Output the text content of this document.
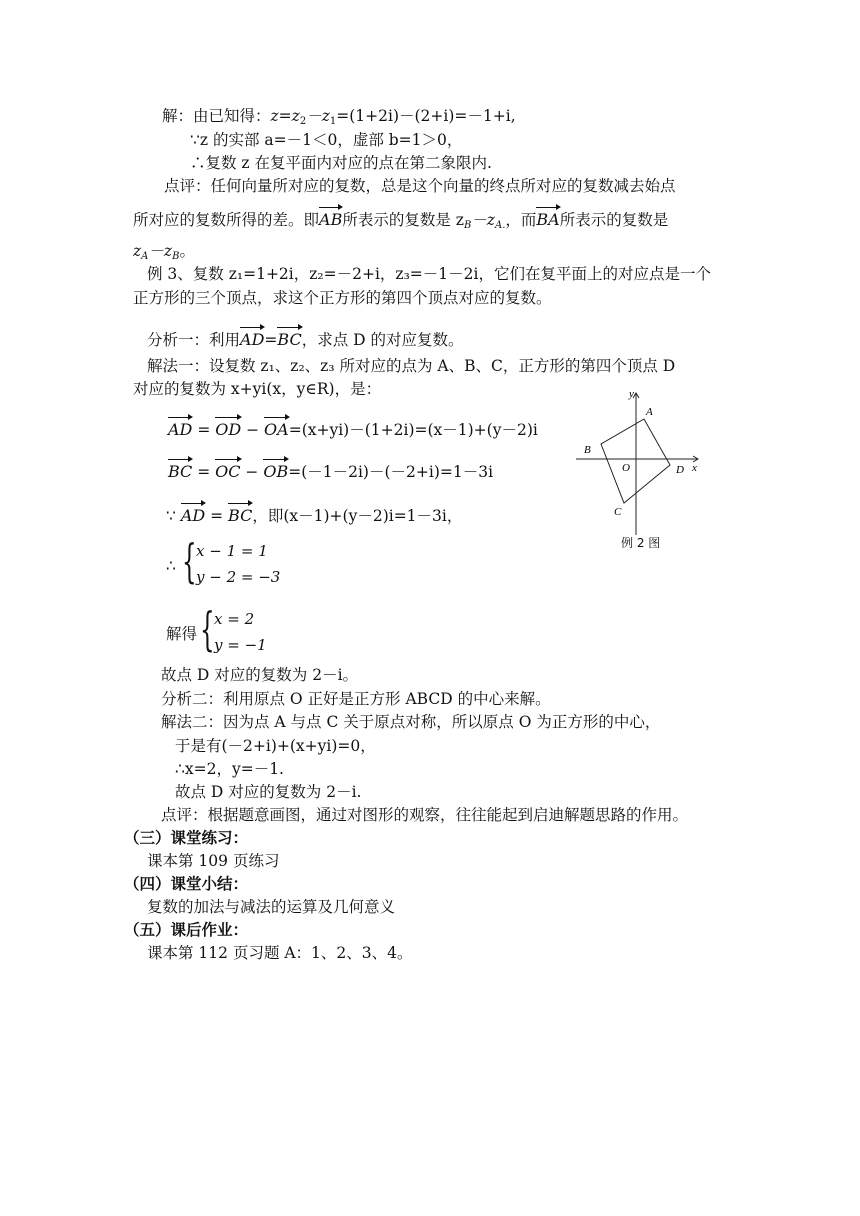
解：由已知得：$z=z_2-z_1=(1+2i)-(2+i)=-1+i$,
∵z 的实部 a=－1＜0，虚部 b=1＞0，
∴复数 z 在复平面内对应的点在第二象限内.
点评：任何向量所对应的复数，总是这个向量的终点所对应的复数减去始点
所对应的复数所得的差。即AB所表示的复数是 $z_B-z_{A.}$，而BA所表示的复数是
$z_A-z_B$。
例 3、复数 z₁=1+2i，z₂=－2+i，z₃=－1－2i，它们在复平面上的对应点是一个
正方形的三个顶点，求这个正方形的第四个顶点对应的复数。
分析一：利用AD=BC，求点 D 的对应复数。
解法一：设复数 z₁、z₂、z₃ 所对应的点为 A、B、C，正方形的第四个顶点 D
对应的复数为 x+yi(x，y∈R)，是：
AD = OD − OA=(x+yi)－(1+2i)=(x－1)+(y－2)i
BC = OC − OB=(－1－2i)－(－2+i)=1－3i
∵ AD = BC，即(x－1)+(y－2)i=1－3i，
∴ { x − 1 = 1
y − 2 = −3
解得 { x = 2
y = −1
故点 D 对应的复数为 2－i。
y
x
A
B
C
D
O
例 2 图
分析二：利用原点 O 正好是正方形 ABCD 的中心来解。
解法二：因为点 A 与点 C 关于原点对称，所以原点 O 为正方形的中心，
于是有(－2+i)+(x+yi)=0，
∴x=2，y=－1.
故点 D 对应的复数为 2－i.
点评：根据题意画图，通过对图形的观察，往往能起到启迪解题思路的作用。
（三）课堂练习：
课本第 109 页练习
（四）课堂小结：
复数的加法与减法的运算及几何意义
（五）课后作业：
课本第 112 页习题 A：1、2、3、4。
